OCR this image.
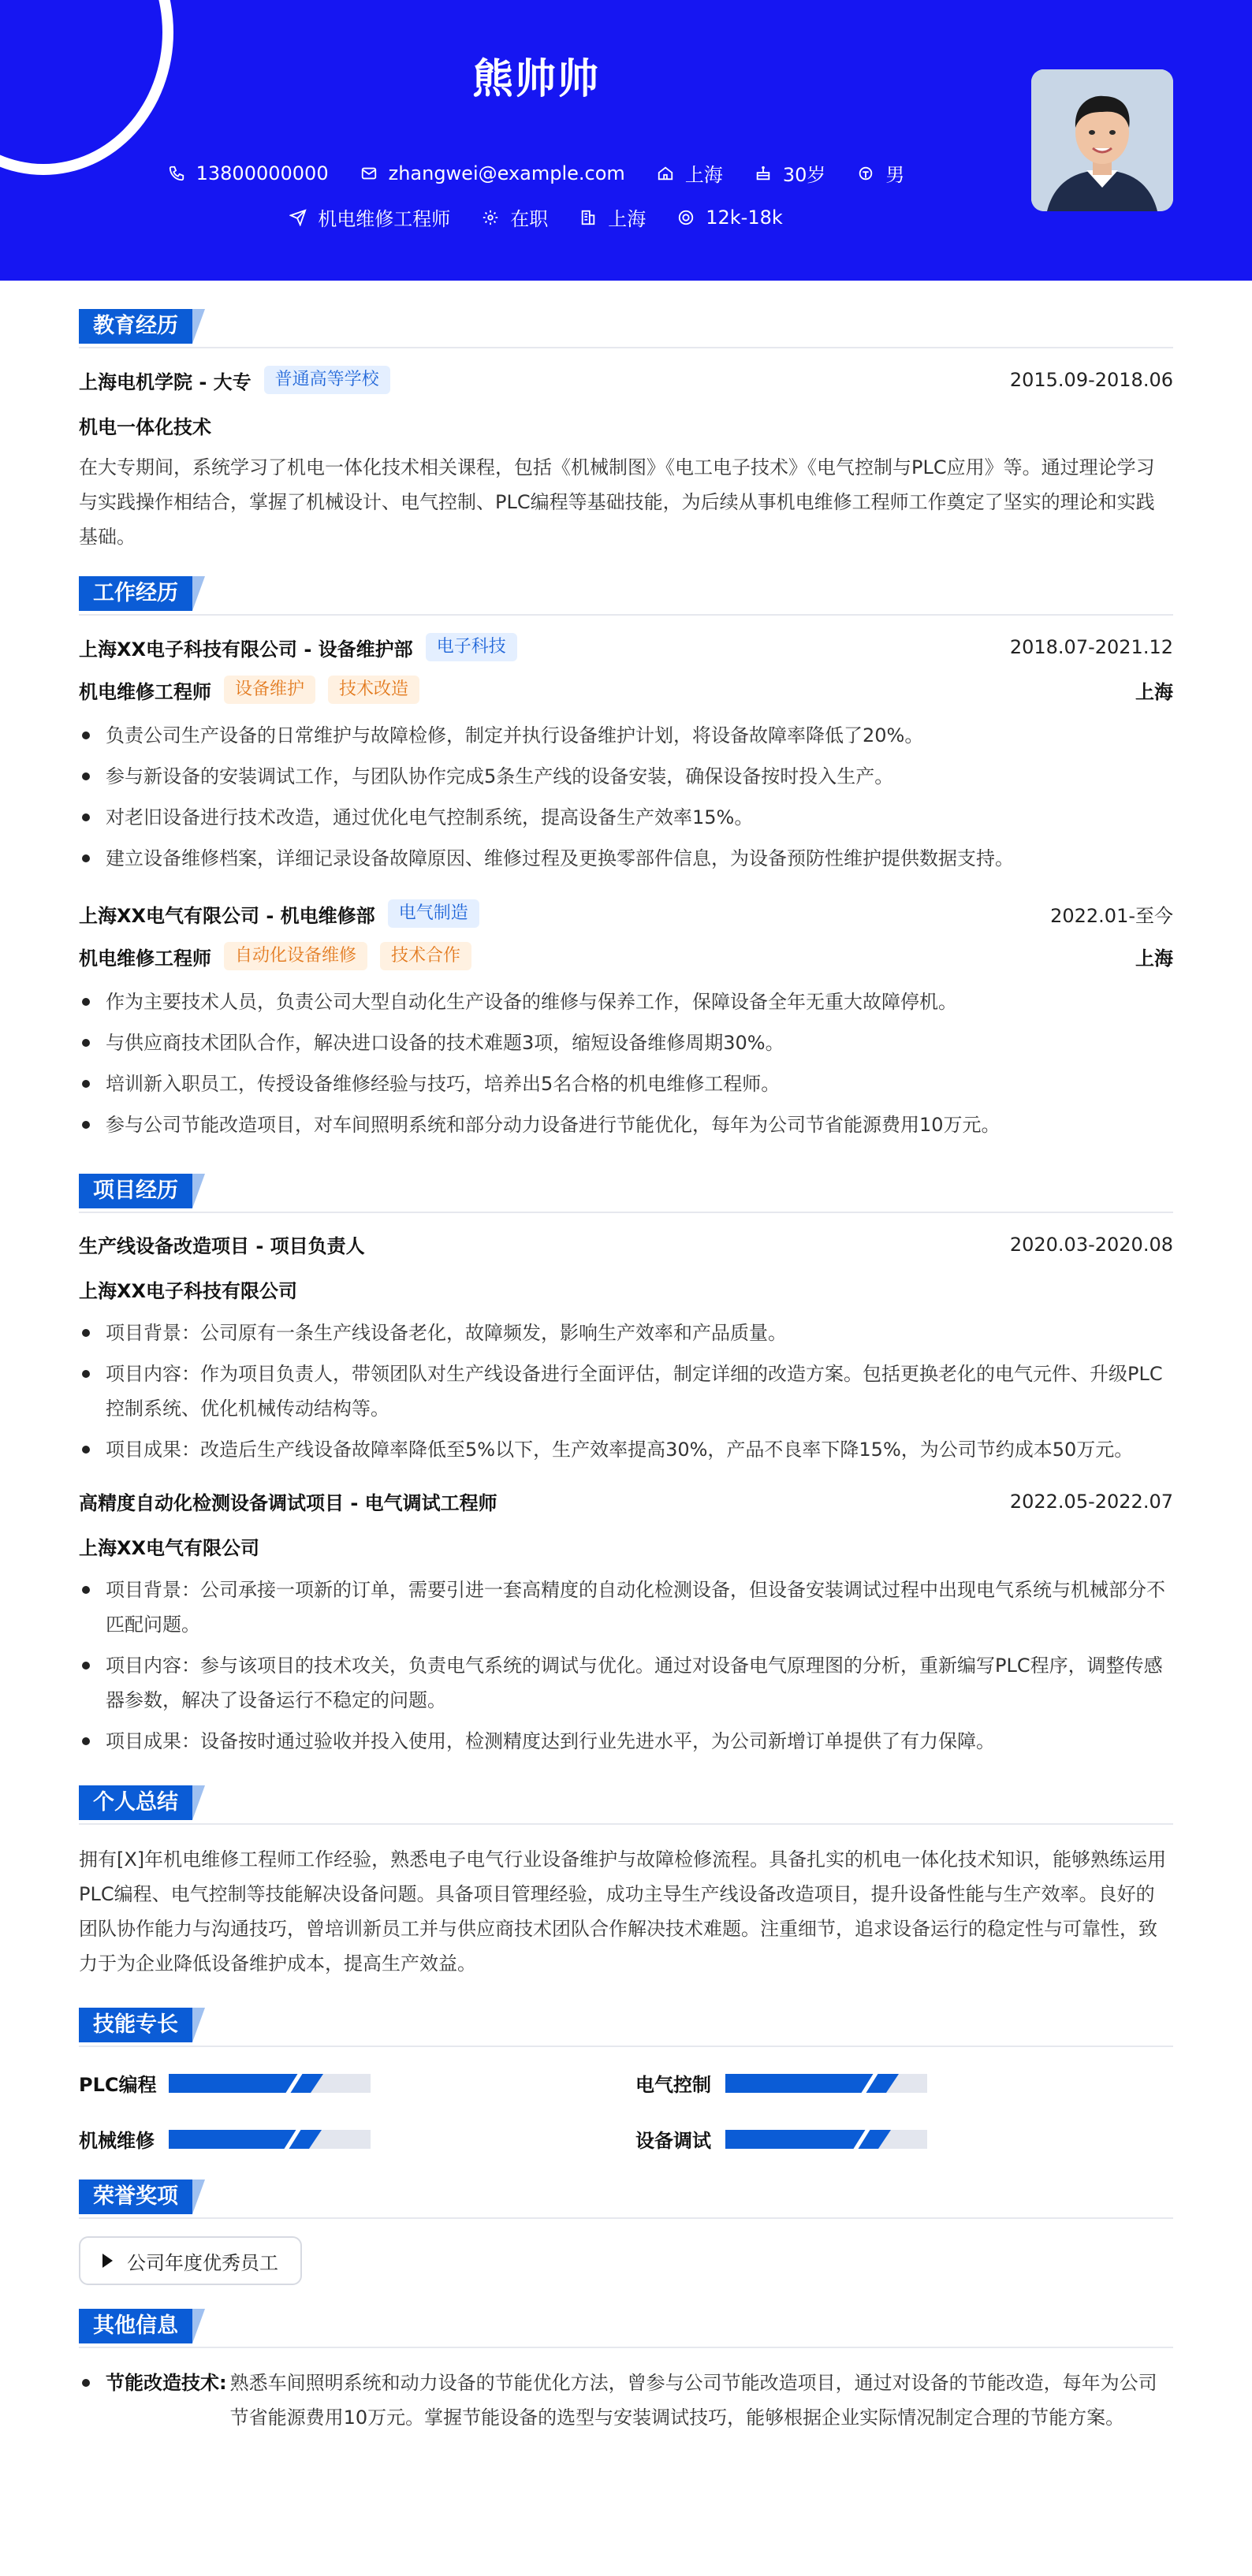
熊帅帅
13800000000	zhangwei@example.com	上海	30岁	男
机电维修工程师	在职	上海	12k-18k
教育经历
上海电机学院 - 大专	普通高等学校	2015.09-2018.06
机电一体化技术

在大专期间，系统学习了机电一体化技术相关课程，包括《机械制图》《电工电子技术》《电气控制与PLC应用》等。通过理论学习与实践操作相结合，掌握了机械设计、电气控制、PLC编程等基础技能，为后续从事机电维修工程师工作奠定了坚实的理论和实践基础。

工作经历
上海XX电子科技有限公司 - 设备维护部	电子科技	2018.07-2021.12
机电维修工程师	设备维护	技术改造	上海
负责公司生产设备的日常维护与故障检修，制定并执行设备维护计划，将设备故障率降低了20%。
参与新设备的安装调试工作，与团队协作完成5条生产线的设备安装，确保设备按时投入生产。
对老旧设备进行技术改造，通过优化电气控制系统，提高设备生产效率15%。
建立设备维修档案，详细记录设备故障原因、维修过程及更换零部件信息，为设备预防性维护提供数据支持。
上海XX电气有限公司 - 机电维修部	电气制造	2022.01-至今
机电维修工程师	自动化设备维修	技术合作	上海
作为主要技术人员，负责公司大型自动化生产设备的维修与保养工作，保障设备全年无重大故障停机。
与供应商技术团队合作，解决进口设备的技术难题3项，缩短设备维修周期30%。
培训新入职员工，传授设备维修经验与技巧，培养出5名合格的机电维修工程师。
参与公司节能改造项目，对车间照明系统和部分动力设备进行节能优化，每年为公司节省能源费用10万元。
项目经历
生产线设备改造项目 - 项目负责人	2020.03-2020.08
上海XX电子科技有限公司
项目背景：公司原有一条生产线设备老化，故障频发，影响生产效率和产品质量。
项目内容：作为项目负责人，带领团队对生产线设备进行全面评估，制定详细的改造方案。包括更换老化的电气元件、升级PLC控制系统、优化机械传动结构等。
项目成果：改造后生产线设备故障率降低至5%以下，生产效率提高30%，产品不良率下降15%，为公司节约成本50万元。
高精度自动化检测设备调试项目 - 电气调试工程师	2022.05-2022.07
上海XX电气有限公司
项目背景：公司承接一项新的订单，需要引进一套高精度的自动化检测设备，但设备安装调试过程中出现电气系统与机械部分不匹配问题。
项目内容：参与该项目的技术攻关，负责电气系统的调试与优化。通过对设备电气原理图的分析，重新编写PLC程序，调整传感器参数，解决了设备运行不稳定的问题。
项目成果：设备按时通过验收并投入使用，检测精度达到行业先进水平，为公司新增订单提供了有力保障。
个人总结

拥有[X]年机电维修工程师工作经验，熟悉电子电气行业设备维护与故障检修流程。具备扎实的机电一体化技术知识，能够熟练运用PLC编程、电气控制等技能解决设备问题。具备项目管理经验，成功主导生产线设备改造项目，提升设备性能与生产效率。良好的团队协作能力与沟通技巧，曾培训新员工并与供应商技术团队合作解决技术难题。注重细节，追求设备运行的稳定性与可靠性，致力于为企业降低设备维护成本，提高生产效益。

技能专长
PLC编程	电气控制
机械维修	设备调试
荣誉奖项
公司年度优秀员工
其他信息
节能改造技术: 熟悉车间照明系统和动力设备的节能优化方法，曾参与公司节能改造项目，通过对设备的节能改造，每年为公司节省能源费用10万元。掌握节能设备的选型与安装调试技巧，能够根据企业实际情况制定合理的节能方案。
